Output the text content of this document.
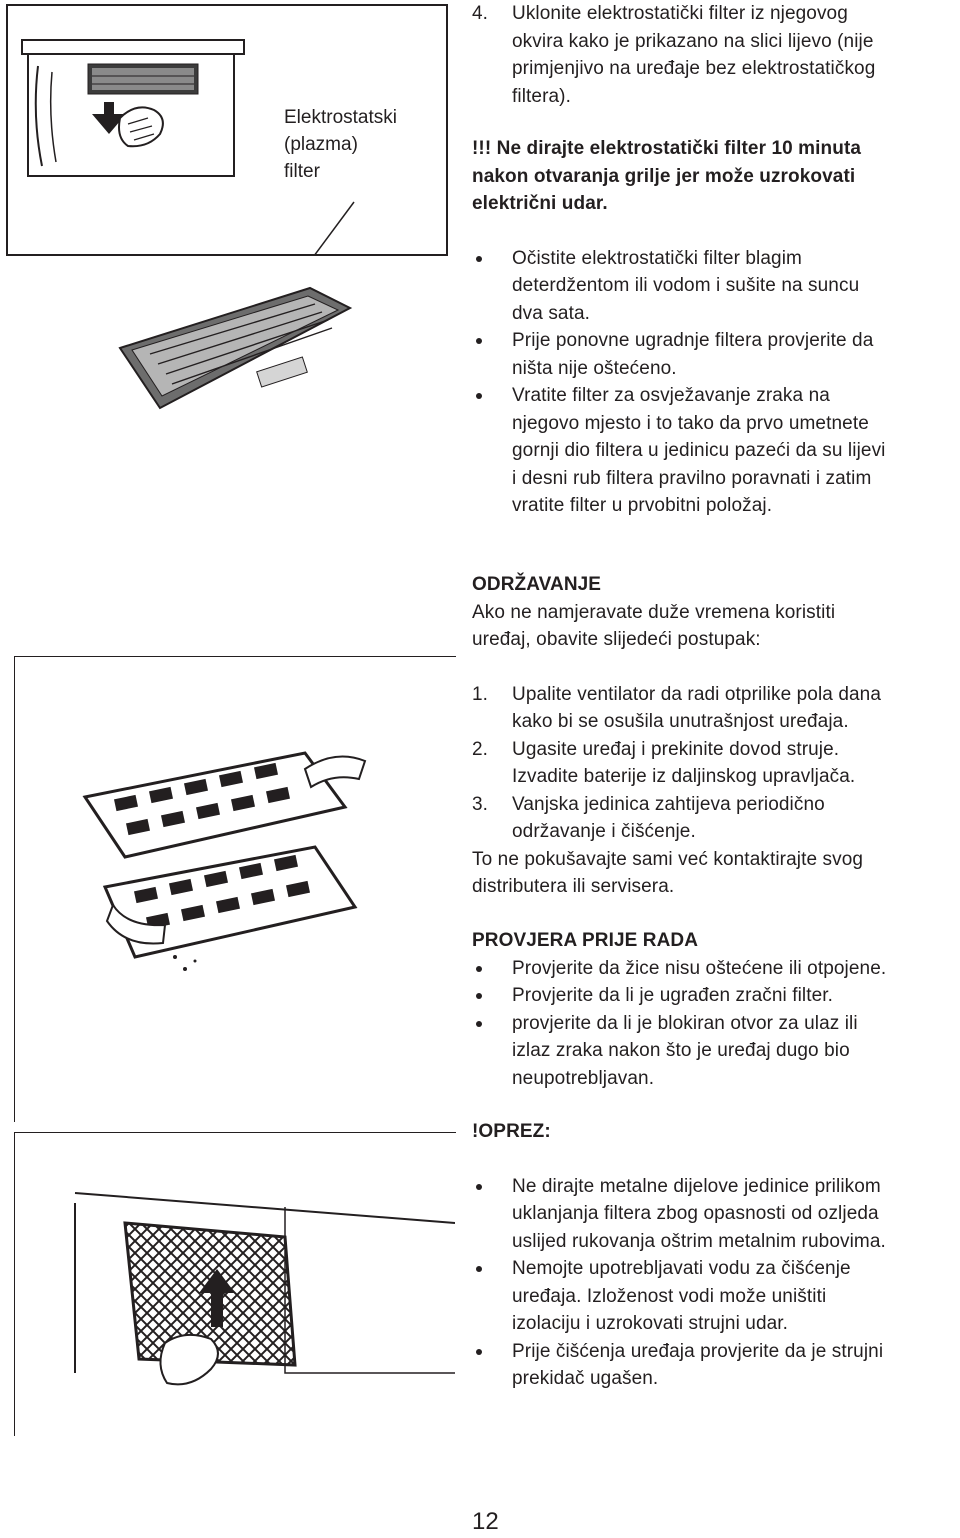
Elektrostatski
(plazma)
filter
4. Uklonite elektrostatički filter iz njegovog
okvira kako je prikazano na slici lijevo (nije
primjenjivo na uređaje bez elektrostatičkog
filtera).
!!! Ne dirajte elektrostatički filter 10 minuta
nakon otvaranja grilje jer može uzrokovati
električni udar.
Očistite elektrostatički filter blagim
deterdžentom ili vodom i sušite na suncu
dva sata.
Prije ponovne ugradnje filtera provjerite da
ništa nije oštećeno.
Vratite filter za osvježavanje zraka na
njegovo mjesto i to tako da prvo umetnete
gornji dio filtera u jedinicu pazeći da su lijevi
i desni rub filtera pravilno poravnati i zatim
vratite filter u prvobitni položaj.
ODRŽAVANJE
Ako ne namjeravate duže vremena koristiti
uređaj, obavite slijedeći postupak:
1. Upalite ventilator da radi otprilike pola dana
kako bi se osušila unutrašnjost uređaja.
2. Ugasite uređaj i prekinite dovod struje.
Izvadite baterije iz daljinskog upravljača.
3. Vanjska jedinica zahtijeva periodično
održavanje i čišćenje.
To ne pokušavajte sami već kontaktirajte svog
distributera ili servisera.
PROVJERA PRIJE RADA
Provjerite da žice nisu oštećene ili otpojene.
Provjerite da li je ugrađen zračni filter.
provjerite da li je blokiran otvor za ulaz ili
izlaz zraka nakon što je uređaj dugo bio
neupotrebljavan.
!OPREZ:
Ne dirajte metalne dijelove jedinice prilikom
uklanjanja filtera zbog opasnosti od ozljeda
uslijed rukovanja oštrim metalnim rubovima.
Nemojte upotrebljavati vodu za čišćenje
uređaja. Izloženost vodi može uništiti
izolaciju i uzrokovati strujni udar.
Prije čišćenja uređaja provjerite da je strujni
prekidač ugašen.
12
